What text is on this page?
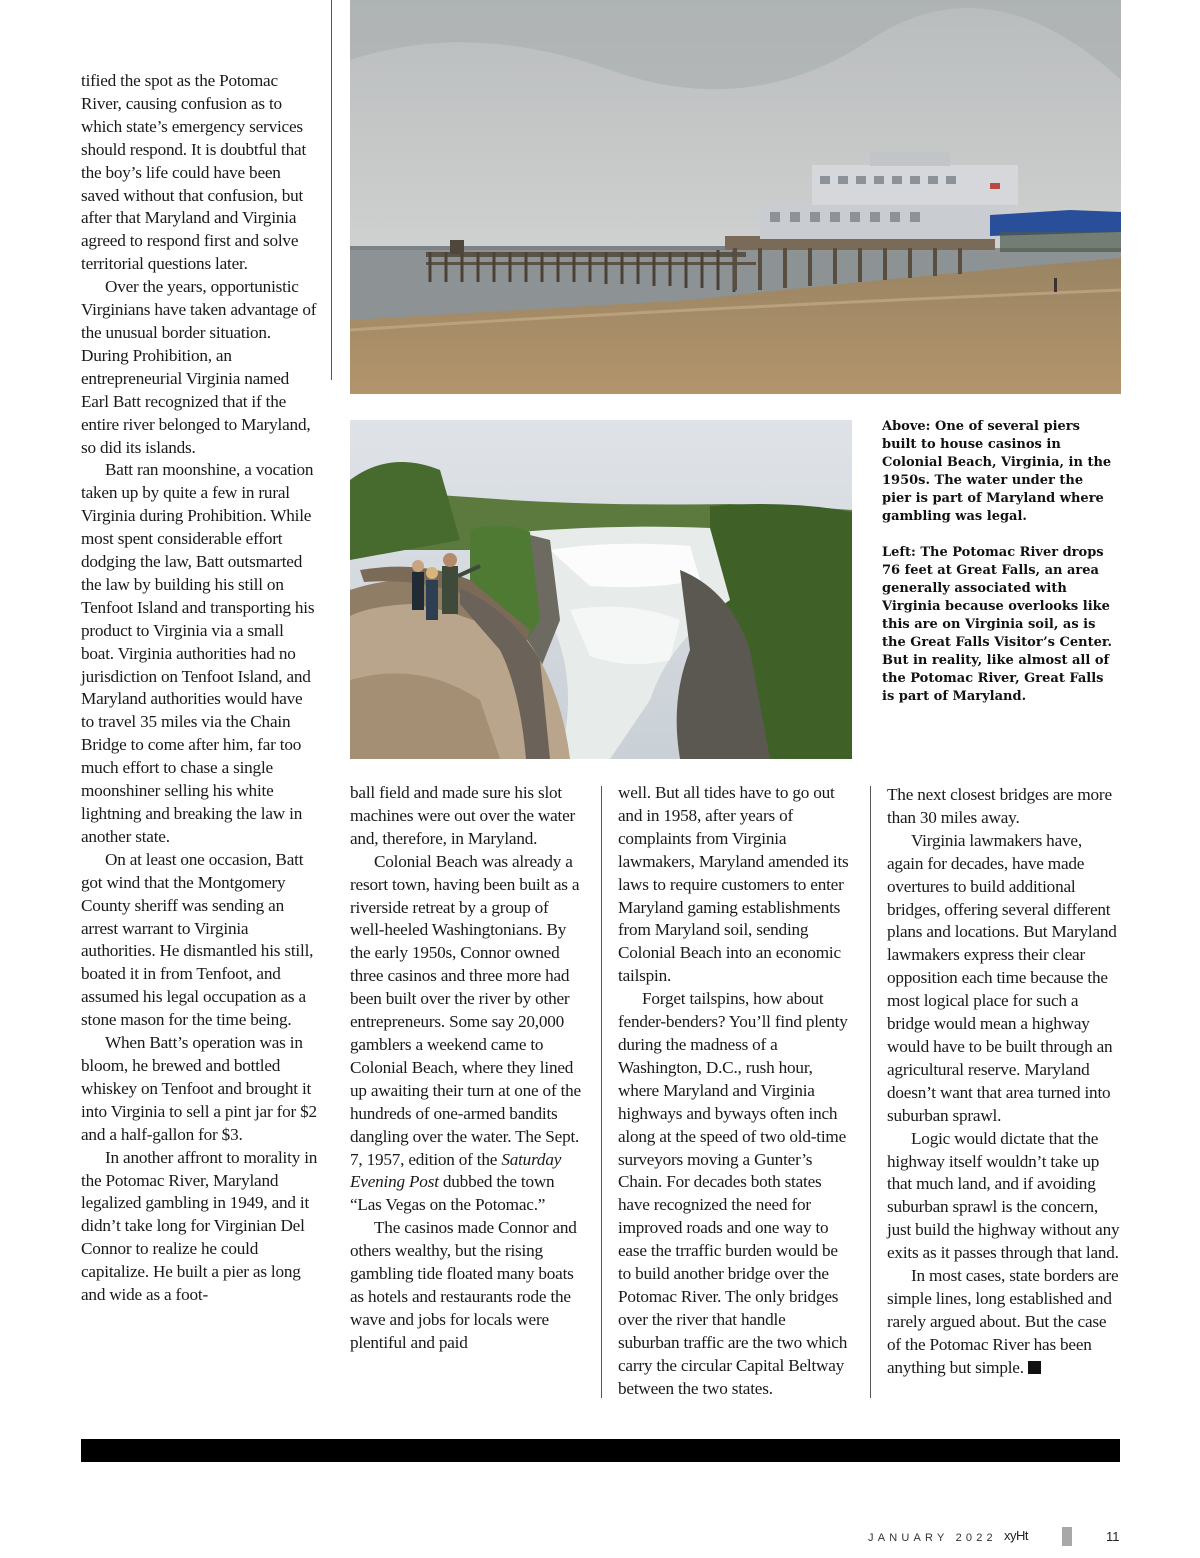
tified the spot as the Potomac River, causing confusion as to which state’s emergency services should respond. It is doubtful that the boy’s life could have been saved without that confusion, but after that Maryland and Virginia agreed to respond first and solve territorial questions later.

Over the years, opportunistic Virginians have taken advantage of the unusual border situation. During Prohibition, an entrepreneurial Virginia named Earl Batt recognized that if the entire river belonged to Maryland, so did its islands.

Batt ran moonshine, a vocation taken up by quite a few in rural Virginia during Prohibition. While most spent considerable effort dodging the law, Batt outsmarted the law by building his still on Tenfoot Island and transporting his product to Virginia via a small boat. Virginia authorities had no jurisdiction on Tenfoot Island, and Maryland authorities would have to travel 35 miles via the Chain Bridge to come after him, far too much effort to chase a single moonshiner selling his white lightning and breaking the law in another state.

On at least one occasion, Batt got wind that the Montgomery County sheriff was sending an arrest warrant to Virginia authorities. He dismantled his still, boated it in from Tenfoot, and assumed his legal occupation as a stone mason for the time being.

When Batt’s operation was in bloom, he brewed and bottled whiskey on Tenfoot and brought it into Virginia to sell a pint jar for $2 and a half-gallon for $3.

In another affront to morality in the Potomac River, Maryland legalized gambling in 1949, and it didn’t take long for Virginian Del Connor to realize he could capitalize. He built a pier as long and wide as a foot-

Above: One of several piers built to house casinos in Colonial Beach, Virginia, in the 1950s. The water under the pier is part of Maryland where gambling was legal.

Left: The Potomac River drops 76 feet at Great Falls, an area generally associated with Virginia because overlooks like this are on Virginia soil, as is the Great Falls Visitor’s Center. But in reality, like almost all of the Potomac River, Great Falls is part of Maryland.

ball field and made sure his slot machines were out over the water and, therefore, in Maryland.

Colonial Beach was already a resort town, having been built as a riverside retreat by a group of well-heeled Washingtonians. By the early 1950s, Connor owned three casinos and three more had been built over the river by other entrepreneurs. Some say 20,000 gamblers a weekend came to Colonial Beach, where they lined up awaiting their turn at one of the hundreds of one-armed bandits dangling over the water. The Sept. 7, 1957, edition of the Saturday Evening Post dubbed the town “Las Vegas on the Potomac.”

The casinos made Connor and others wealthy, but the rising gambling tide floated many boats as hotels and restaurants rode the wave and jobs for locals were plentiful and paid

well. But all tides have to go out and in 1958, after years of complaints from Virginia lawmakers, Maryland amended its laws to require customers to enter Maryland gaming establishments from Maryland soil, sending Colonial Beach into an economic tailspin.

Forget tailspins, how about fender-benders? You’ll find plenty during the madness of a Washington, D.C., rush hour, where Maryland and Virginia highways and byways often inch along at the speed of two old-time surveyors moving a Gunter’s Chain. For decades both states have recognized the need for improved roads and one way to ease the trraffic burden would be to build another bridge over the Potomac River. The only bridges over the river that handle suburban traffic are the two which carry the circular Capital Beltway between the two states.

The next closest bridges are more than 30 miles away.

Virginia lawmakers have, again for decades, have made overtures to build additional bridges, offering several different plans and locations. But Maryland lawmakers express their clear opposition each time because the most logical place for such a bridge would mean a highway would have to be built through an agricultural reserve. Maryland doesn’t want that area turned into suburban sprawl.

Logic would dictate that the highway itself wouldn’t take up that much land, and if avoiding suburban sprawl is the concern, just build the highway without any exits as it passes through that land.

In most cases, state borders are simple lines, long established and rarely argued about. But the case of the Potomac River has been anything but simple.

JANUARY 2022 xyHt	11
